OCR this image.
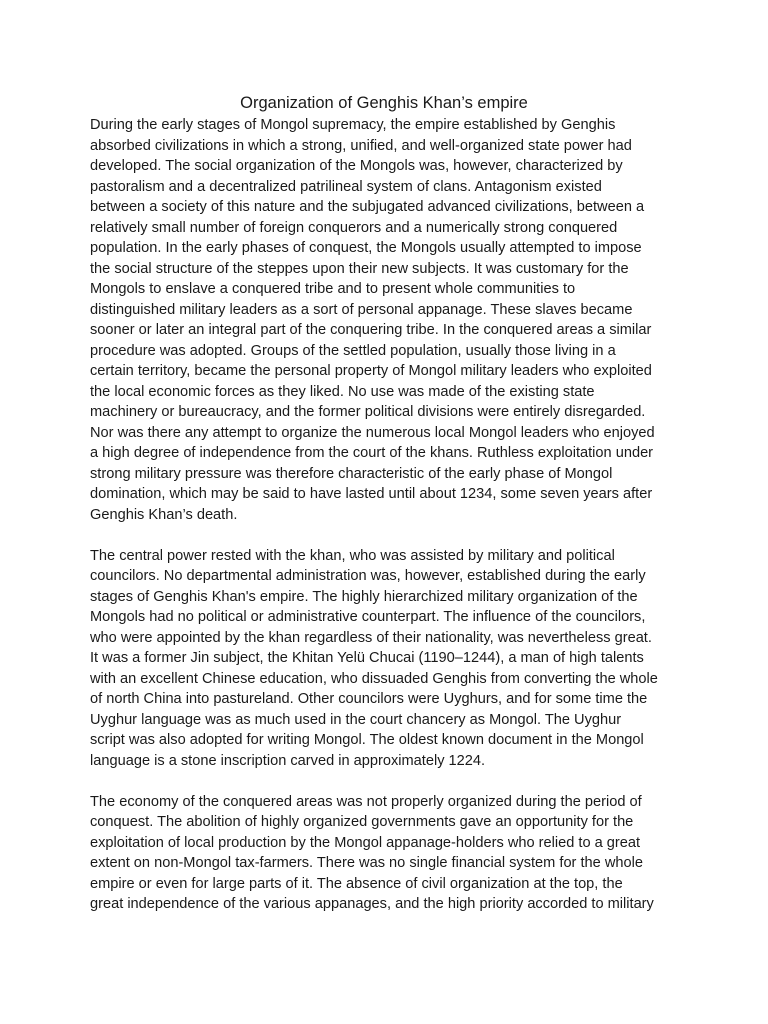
Organization of Genghis Khan’s empire
During the early stages of Mongol supremacy, the empire established by Genghis
absorbed civilizations in which a strong, unified, and well-organized state power had
developed. The social organization of the Mongols was, however, characterized by
pastoralism and a decentralized patrilineal system of clans. Antagonism existed
between a society of this nature and the subjugated advanced civilizations, between a
relatively small number of foreign conquerors and a numerically strong conquered
population. In the early phases of conquest, the Mongols usually attempted to impose
the social structure of the steppes upon their new subjects. It was customary for the
Mongols to enslave a conquered tribe and to present whole communities to
distinguished military leaders as a sort of personal appanage. These slaves became
sooner or later an integral part of the conquering tribe. In the conquered areas a similar
procedure was adopted. Groups of the settled population, usually those living in a
certain territory, became the personal property of Mongol military leaders who exploited
the local economic forces as they liked. No use was made of the existing state
machinery or bureaucracy, and the former political divisions were entirely disregarded.
Nor was there any attempt to organize the numerous local Mongol leaders who enjoyed
a high degree of independence from the court of the khans. Ruthless exploitation under
strong military pressure was therefore characteristic of the early phase of Mongol
domination, which may be said to have lasted until about 1234, some seven years after
Genghis Khan’s death.
The central power rested with the khan, who was assisted by military and political
councilors. No departmental administration was, however, established during the early
stages of Genghis Khan's empire. The highly hierarchized military organization of the
Mongols had no political or administrative counterpart. The influence of the councilors,
who were appointed by the khan regardless of their nationality, was nevertheless great.
It was a former Jin subject, the Khitan Yelü Chucai (1190–1244), a man of high talents
with an excellent Chinese education, who dissuaded Genghis from converting the whole
of north China into pastureland. Other councilors were Uyghurs, and for some time the
Uyghur language was as much used in the court chancery as Mongol. The Uyghur
script was also adopted for writing Mongol. The oldest known document in the Mongol
language is a stone inscription carved in approximately 1224.
The economy of the conquered areas was not properly organized during the period of
conquest. The abolition of highly organized governments gave an opportunity for the
exploitation of local production by the Mongol appanage-holders who relied to a great
extent on non-Mongol tax-farmers. There was no single financial system for the whole
empire or even for large parts of it. The absence of civil organization at the top, the
great independence of the various appanages, and the high priority accorded to military
